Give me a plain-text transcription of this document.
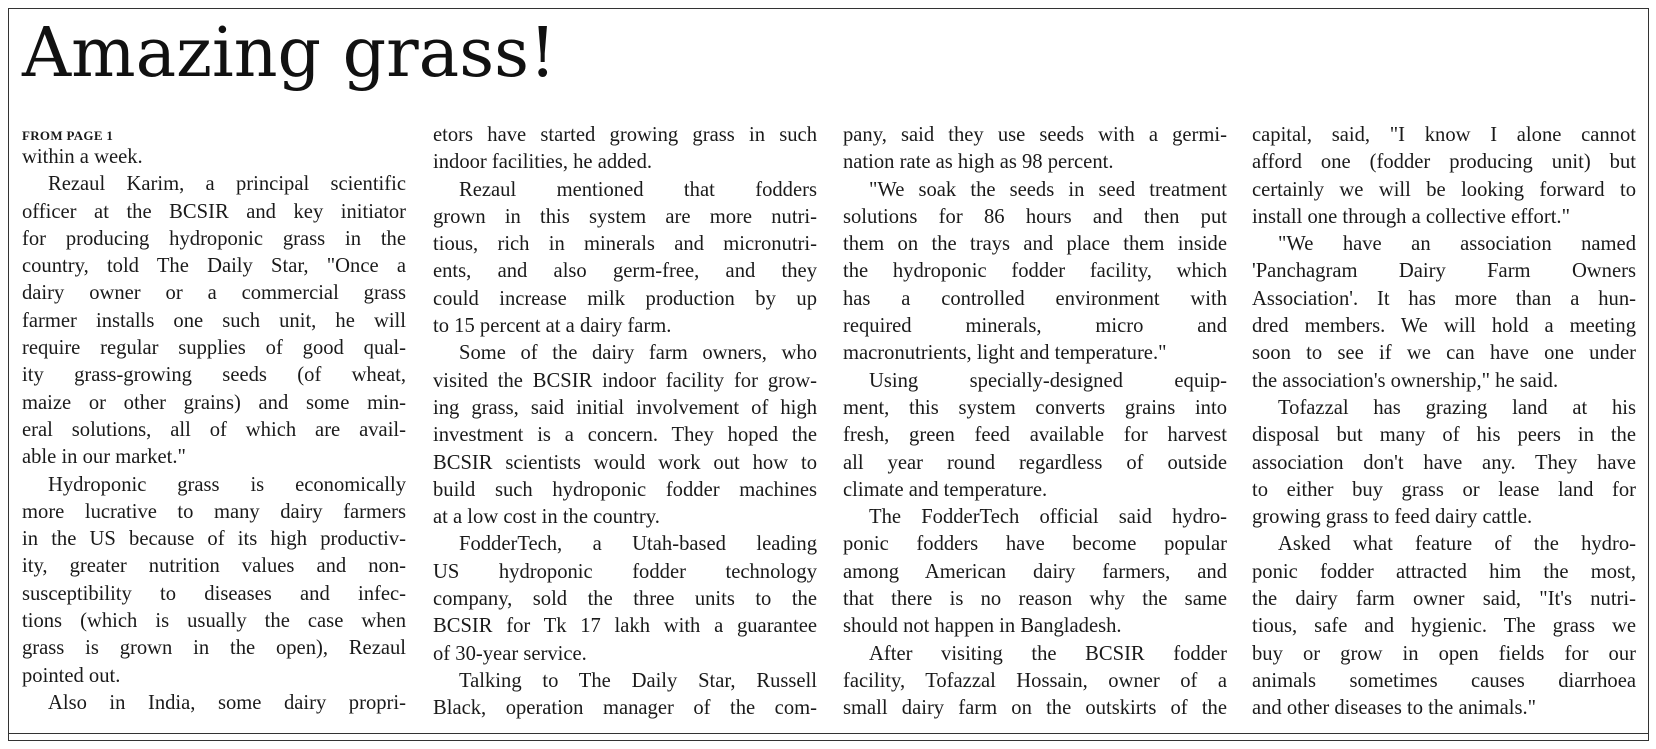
Amazing grass!
FROM PAGE 1
within a week.
Rezaul Karim, a principal scientific
officer at the BCSIR and key initiator
for producing hydroponic grass in the
country, told The Daily Star, "Once a
dairy owner or a commercial grass
farmer installs one such unit, he will
require regular supplies of good qual-
ity grass-growing seeds (of wheat,
maize or other grains) and some min-
eral solutions, all of which are avail-
able in our market."
Hydroponic grass is economically
more lucrative to many dairy farmers
in the US because of its high productiv-
ity, greater nutrition values and non-
susceptibility to diseases and infec-
tions (which is usually the case when
grass is grown in the open), Rezaul
pointed out.
Also in India, some dairy propri-
etors have started growing grass in such
indoor facilities, he added.
Rezaul mentioned that fodders
grown in this system are more nutri-
tious, rich in minerals and micronutri-
ents, and also germ-free, and they
could increase milk production by up
to 15 percent at a dairy farm.
Some of the dairy farm owners, who
visited the BCSIR indoor facility for grow-
ing grass, said initial involvement of high
investment is a concern. They hoped the
BCSIR scientists would work out how to
build such hydroponic fodder machines
at a low cost in the country.
FodderTech, a Utah-based leading
US hydroponic fodder technology
company, sold the three units to the
BCSIR for Tk 17 lakh with a guarantee
of 30-year service.
Talking to The Daily Star, Russell
Black, operation manager of the com-
pany, said they use seeds with a germi-
nation rate as high as 98 percent.
"We soak the seeds in seed treatment
solutions for 86 hours and then put
them on the trays and place them inside
the hydroponic fodder facility, which
has a controlled environment with
required minerals, micro and
macronutrients, light and temperature."
Using specially-designed equip-
ment, this system converts grains into
fresh, green feed available for harvest
all year round regardless of outside
climate and temperature.
The FodderTech official said hydro-
ponic fodders have become popular
among American dairy farmers, and
that there is no reason why the same
should not happen in Bangladesh.
After visiting the BCSIR fodder
facility, Tofazzal Hossain, owner of a
small dairy farm on the outskirts of the
capital, said, "I know I alone cannot
afford one (fodder producing unit) but
certainly we will be looking forward to
install one through a collective effort."
"We have an association named
'Panchagram Dairy Farm Owners
Association'. It has more than a hun-
dred members. We will hold a meeting
soon to see if we can have one under
the association's ownership," he said.
Tofazzal has grazing land at his
disposal but many of his peers in the
association don't have any. They have
to either buy grass or lease land for
growing grass to feed dairy cattle.
Asked what feature of the hydro-
ponic fodder attracted him the most,
the dairy farm owner said, "It's nutri-
tious, safe and hygienic. The grass we
buy or grow in open fields for our
animals sometimes causes diarrhoea
and other diseases to the animals."
